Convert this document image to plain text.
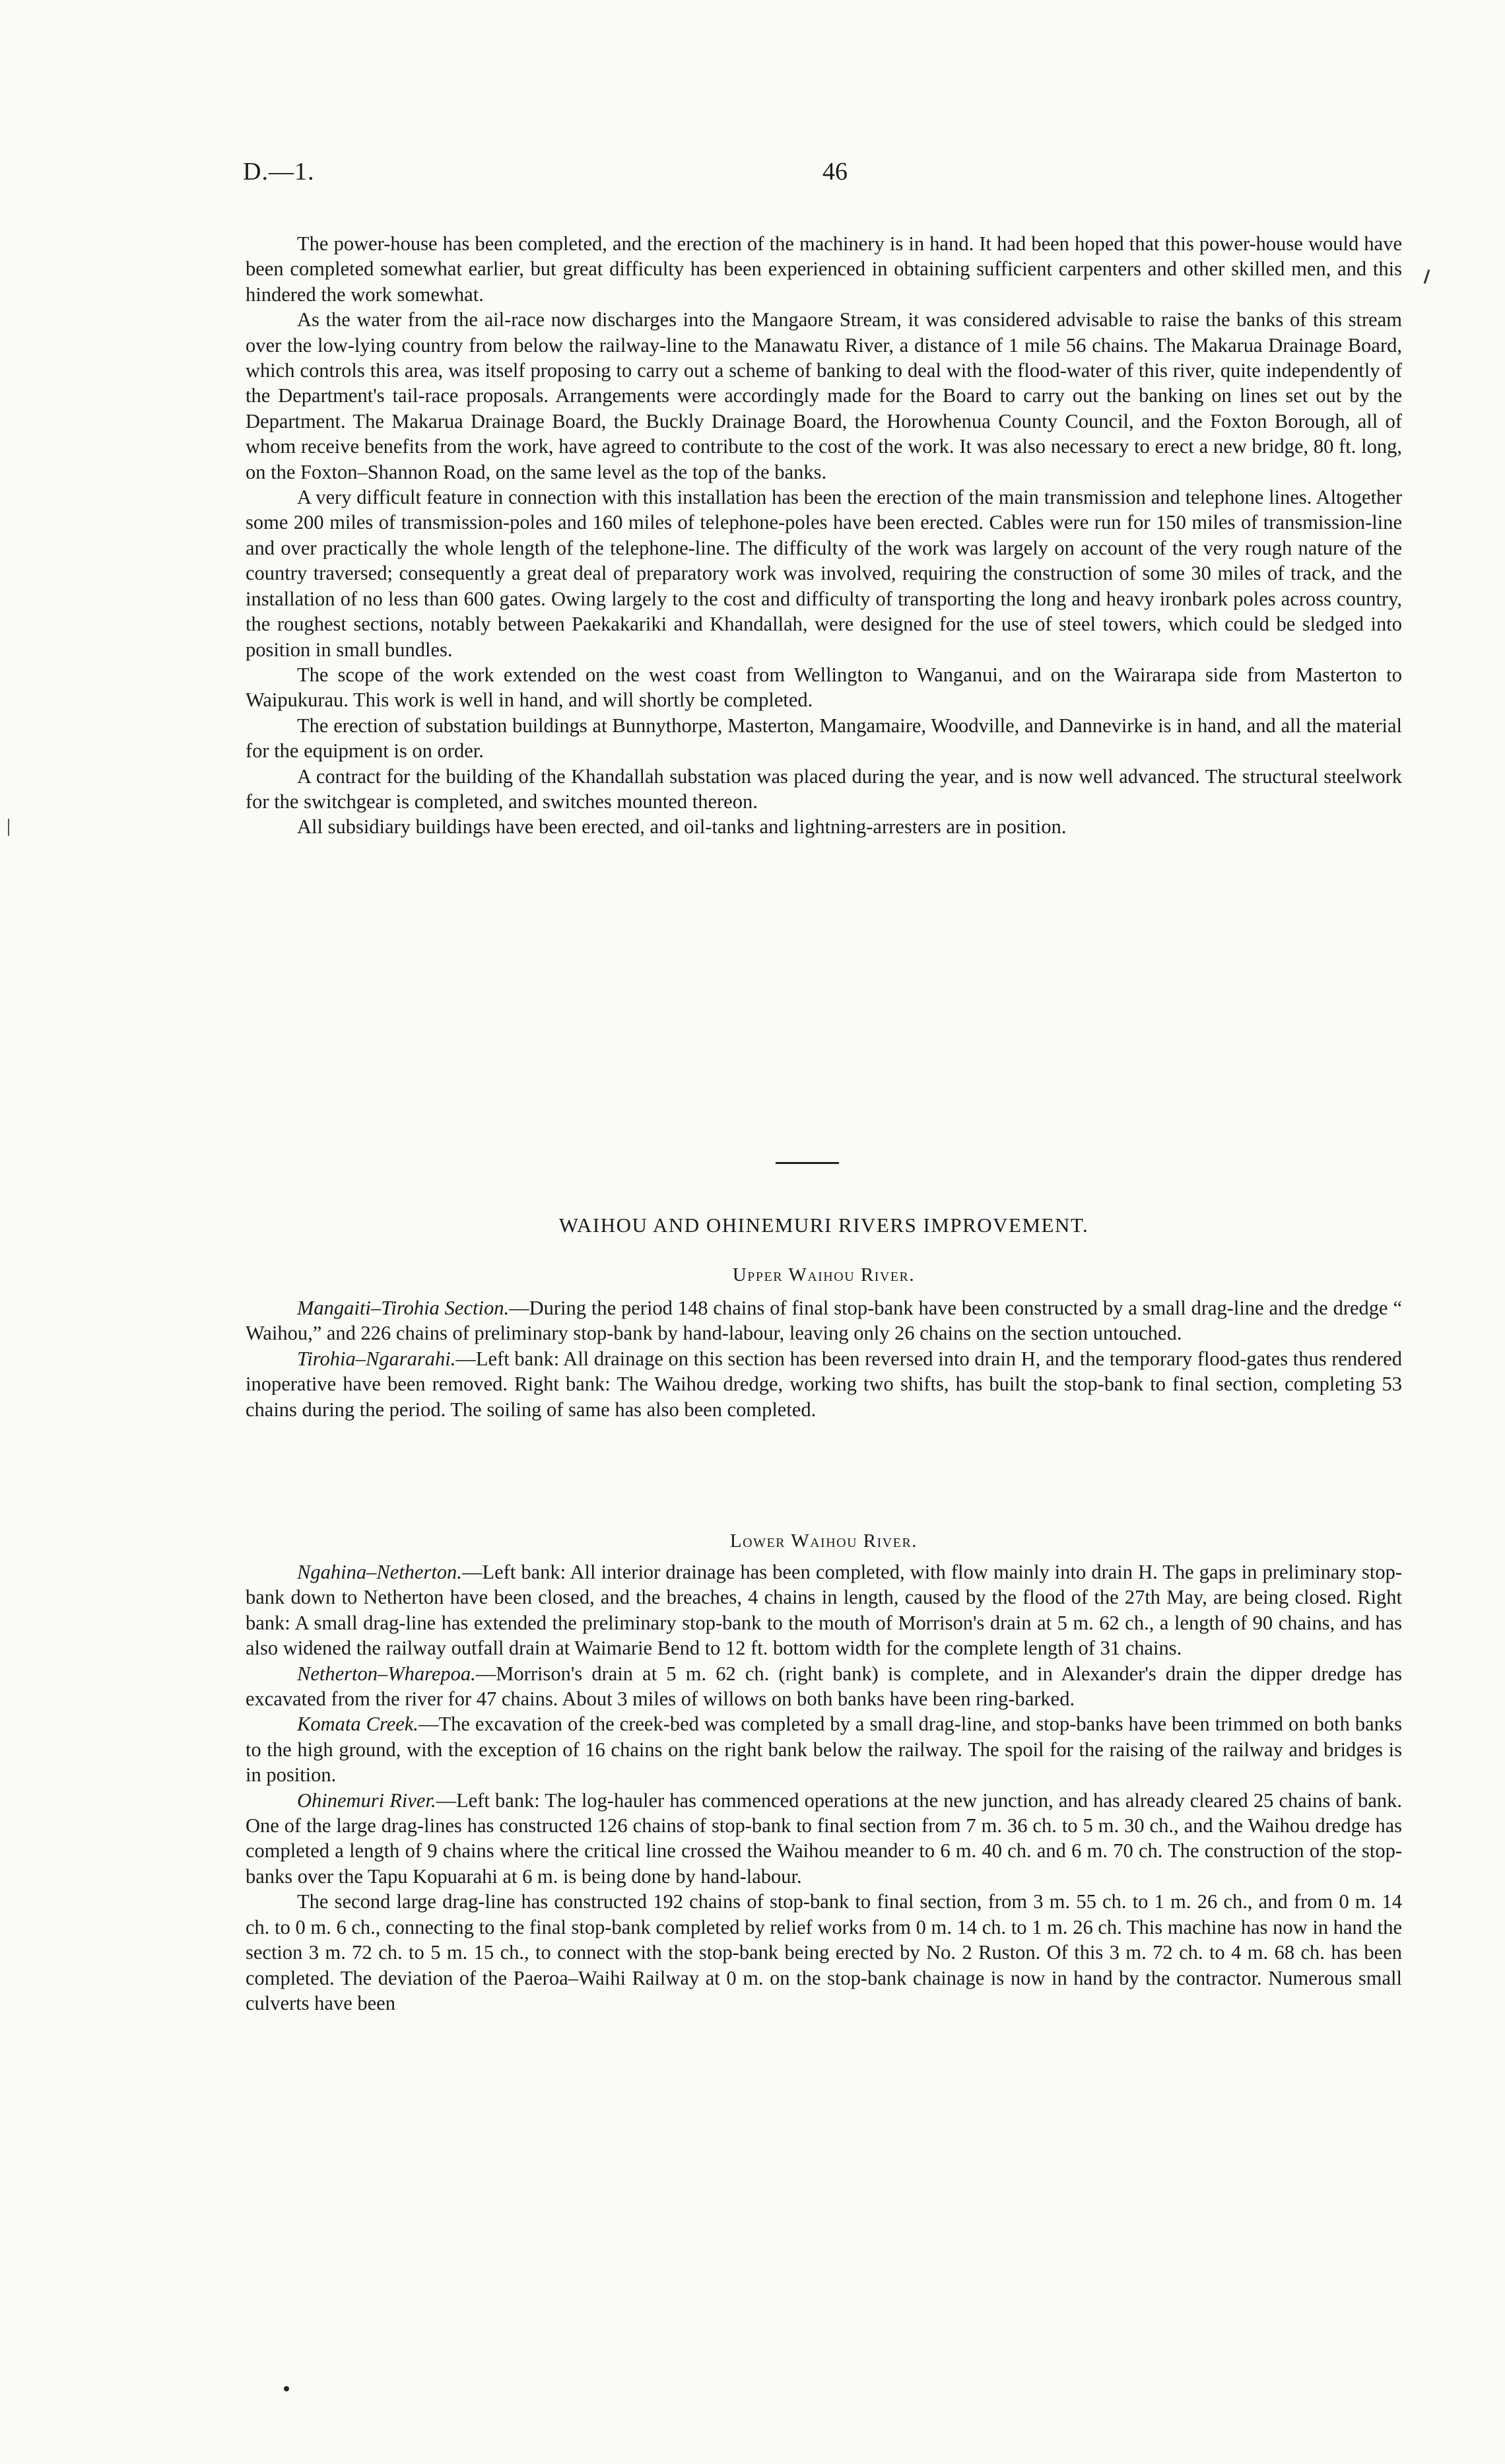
D.—1.	46

The power-house has been completed, and the erection of the machinery is in hand. It had been hoped that this power-house would have been completed somewhat earlier, but great difficulty has been experienced in obtaining sufficient carpenters and other skilled men, and this hindered the work somewhat.

As the water from the ail-race now discharges into the Mangaore Stream, it was considered advisable to raise the banks of this stream over the low-lying country from below the railway-line to the Manawatu River, a distance of 1 mile 56 chains. The Makarua Drainage Board, which controls this area, was itself proposing to carry out a scheme of banking to deal with the flood-water of this river, quite independently of the Department's tail-race proposals. Arrangements were accordingly made for the Board to carry out the banking on lines set out by the Department. The Makarua Drainage Board, the Buckly Drainage Board, the Horowhenua County Council, and the Foxton Borough, all of whom receive benefits from the work, have agreed to contribute to the cost of the work. It was also necessary to erect a new bridge, 80 ft. long, on the Foxton–Shannon Road, on the same level as the top of the banks.

A very difficult feature in connection with this installation has been the erection of the main transmission and telephone lines. Altogether some 200 miles of transmission-poles and 160 miles of telephone-poles have been erected. Cables were run for 150 miles of transmission-line and over practically the whole length of the telephone-line. The difficulty of the work was largely on account of the very rough nature of the country traversed; consequently a great deal of preparatory work was involved, requiring the construction of some 30 miles of track, and the installation of no less than 600 gates. Owing largely to the cost and difficulty of transporting the long and heavy ironbark poles across country, the roughest sections, notably between Paekakariki and Khandallah, were designed for the use of steel towers, which could be sledged into position in small bundles.

The scope of the work extended on the west coast from Wellington to Wanganui, and on the Wairarapa side from Masterton to Waipukurau. This work is well in hand, and will shortly be completed.

The erection of substation buildings at Bunnythorpe, Masterton, Mangamaire, Woodville, and Dannevirke is in hand, and all the material for the equipment is on order.

A contract for the building of the Khandallah substation was placed during the year, and is now well advanced. The structural steelwork for the switchgear is completed, and switches mounted thereon.

All subsidiary buildings have been erected, and oil-tanks and lightning-arresters are in position.

WAIHOU AND OHINEMURI RIVERS IMPROVEMENT.
Upper Waihou River.

Mangaiti–Tirohia Section.—During the period 148 chains of final stop-bank have been constructed by a small drag-line and the dredge “ Waihou,” and 226 chains of preliminary stop-bank by hand-labour, leaving only 26 chains on the section untouched.

Tirohia–Ngararahi.—Left bank: All drainage on this section has been reversed into drain H, and the temporary flood-gates thus rendered inoperative have been removed. Right bank: The Waihou dredge, working two shifts, has built the stop-bank to final section, completing 53 chains during the period. The soiling of same has also been completed.

Lower Waihou River.

Ngahina–Netherton.—Left bank: All interior drainage has been completed, with flow mainly into drain H. The gaps in preliminary stop-bank down to Netherton have been closed, and the breaches, 4 chains in length, caused by the flood of the 27th May, are being closed. Right bank: A small drag-line has extended the preliminary stop-bank to the mouth of Morrison's drain at 5 m. 62 ch., a length of 90 chains, and has also widened the railway outfall drain at Waimarie Bend to 12 ft. bottom width for the complete length of 31 chains.

Netherton–Wharepoa.—Morrison's drain at 5 m. 62 ch. (right bank) is complete, and in Alexander's drain the dipper dredge has excavated from the river for 47 chains. About 3 miles of willows on both banks have been ring-barked.

Komata Creek.—The excavation of the creek-bed was completed by a small drag-line, and stop-banks have been trimmed on both banks to the high ground, with the exception of 16 chains on the right bank below the railway. The spoil for the raising of the railway and bridges is in position.

Ohinemuri River.—Left bank: The log-hauler has commenced operations at the new junction, and has already cleared 25 chains of bank. One of the large drag-lines has constructed 126 chains of stop-bank to final section from 7 m. 36 ch. to 5 m. 30 ch., and the Waihou dredge has completed a length of 9 chains where the critical line crossed the Waihou meander to 6 m. 40 ch. and 6 m. 70 ch. The construction of the stop-banks over the Tapu Kopuarahi at 6 m. is being done by hand-labour.

The second large drag-line has constructed 192 chains of stop-bank to final section, from 3 m. 55 ch. to 1 m. 26 ch., and from 0 m. 14 ch. to 0 m. 6 ch., connecting to the final stop-bank completed by relief works from 0 m. 14 ch. to 1 m. 26 ch. This machine has now in hand the section 3 m. 72 ch. to 5 m. 15 ch., to connect with the stop-bank being erected by No. 2 Ruston. Of this 3 m. 72 ch. to 4 m. 68 ch. has been completed. The deviation of the Paeroa–Waihi Railway at 0 m. on the stop-bank chainage is now in hand by the contractor. Numerous small culverts have been
